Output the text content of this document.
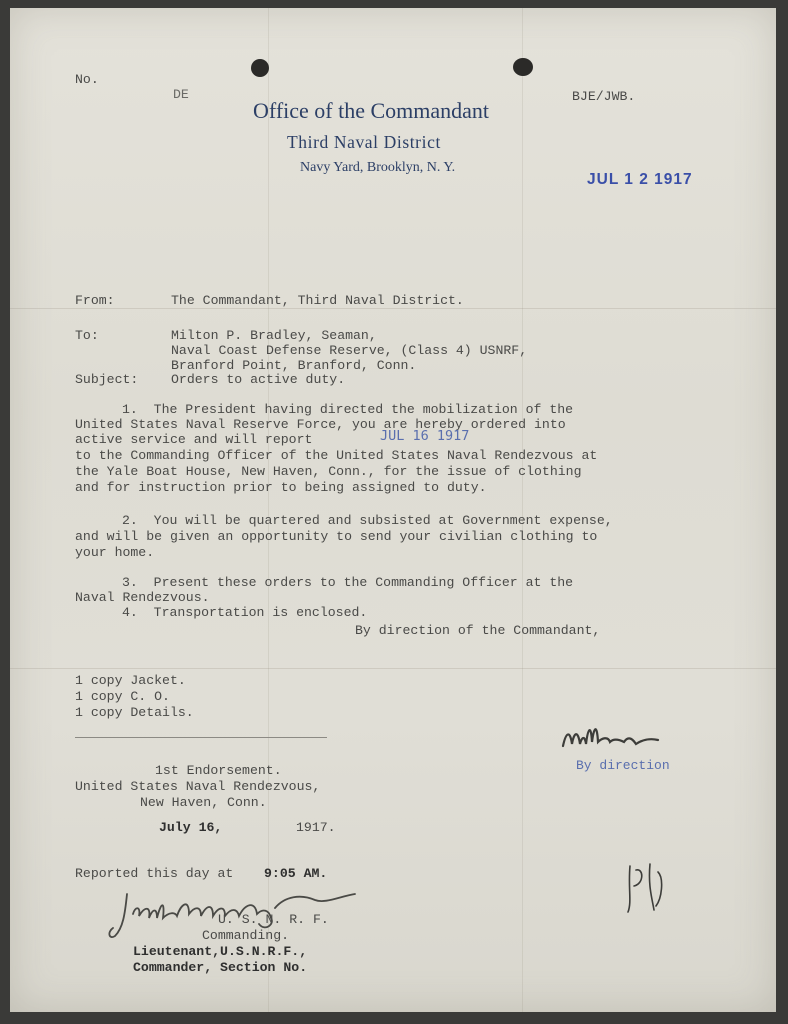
No.
DE	BJE/JWB.
Office of the Commandant
Third Naval District
Navy Yard, Brooklyn, N. Y.
JUL 1 2 1917
From:	The Commandant, Third Naval District.
To:	Milton P. Bradley, Seaman,
Naval Coast Defense Reserve, (Class 4) USNRF,
Branford Point, Branford, Conn.
Subject: Orders to active duty.
1.  The President having directed the mobilization of the
United States Naval Reserve Force, you are hereby ordered into
active service and will report	JUL 16 1917
to the Commanding Officer of the United States Naval Rendezvous at
the Yale Boat House, New Haven, Conn., for the issue of clothing
and for instruction prior to being assigned to duty.
2.  You will be quartered and subsisted at Government expense,
and will be given an opportunity to send your civilian clothing to
your home.
3.  Present these orders to the Commanding Officer at the
Naval Rendezvous.
4.  Transportation is enclosed.
By direction of the Commandant,
1 copy Jacket.
1 copy C. O.
1 copy Details.
By direction
1st Endorsement.
United States Naval Rendezvous,
New Haven, Conn.
July 16,	1917.
Reported this day at 9:05 AM.
U. S. N. R. F.
Commanding.
Lieutenant,U.S.N.R.F.,
Commander, Section No.
